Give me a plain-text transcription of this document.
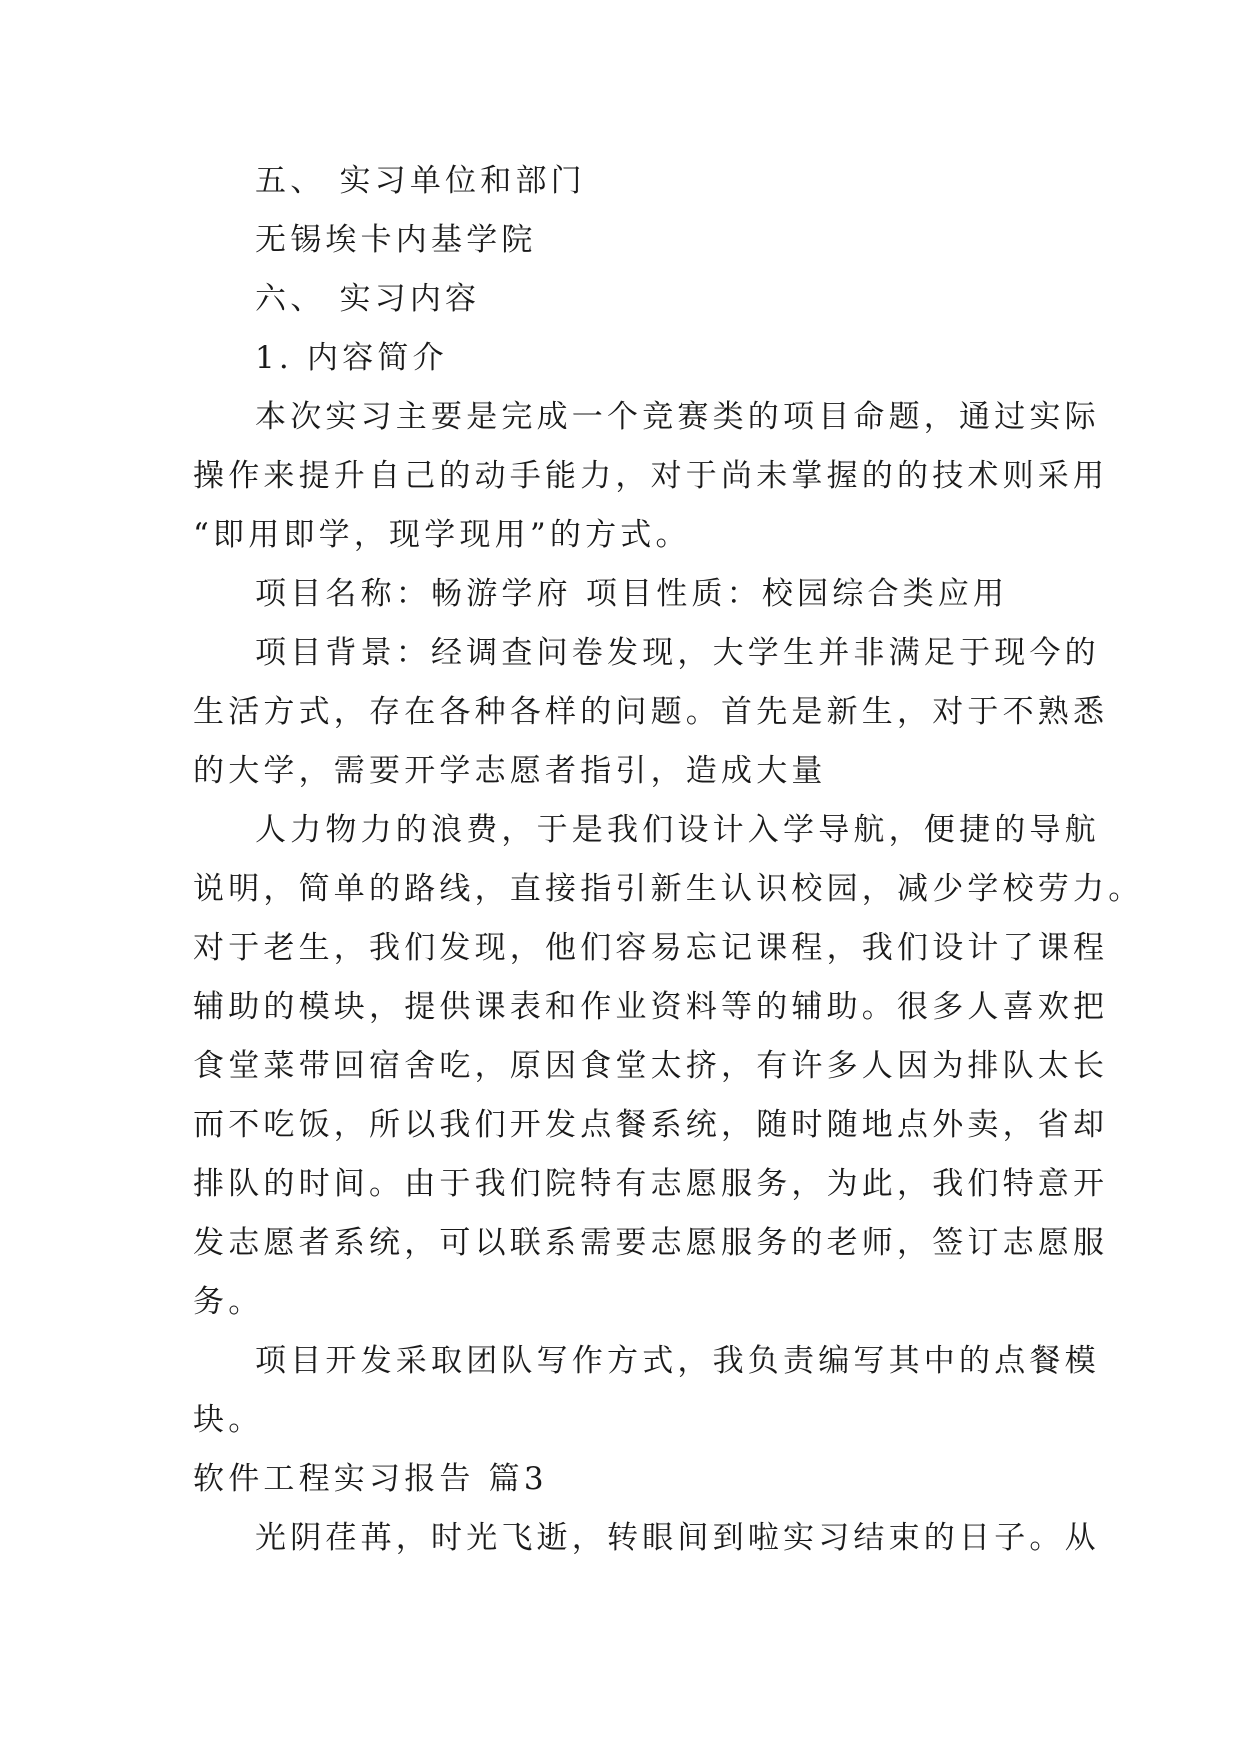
五、 实习单位和部门

无锡埃卡内基学院

六、 实习内容

1. 内容简介

本次实习主要是完成一个竞赛类的项目命题，通过实际

操作来提升自己的动手能力，对于尚未掌握的的技术则采用

“即用即学，现学现用”的方式。

项目名称：畅游学府 项目性质：校园综合类应用

项目背景：经调查问卷发现，大学生并非满足于现今的

生活方式，存在各种各样的问题。首先是新生，对于不熟悉

的大学，需要开学志愿者指引，造成大量

人力物力的浪费，于是我们设计入学导航，便捷的导航

说明，简单的路线，直接指引新生认识校园，减少学校劳力。

对于老生，我们发现，他们容易忘记课程，我们设计了课程

辅助的模块，提供课表和作业资料等的辅助。很多人喜欢把

食堂菜带回宿舍吃，原因食堂太挤，有许多人因为排队太长

而不吃饭，所以我们开发点餐系统，随时随地点外卖，省却

排队的时间。由于我们院特有志愿服务，为此，我们特意开

发志愿者系统，可以联系需要志愿服务的老师，签订志愿服

务。

项目开发采取团队写作方式，我负责编写其中的点餐模

块。

软件工程实习报告 篇3

光阴荏苒，时光飞逝，转眼间到啦实习结束的日子。从
